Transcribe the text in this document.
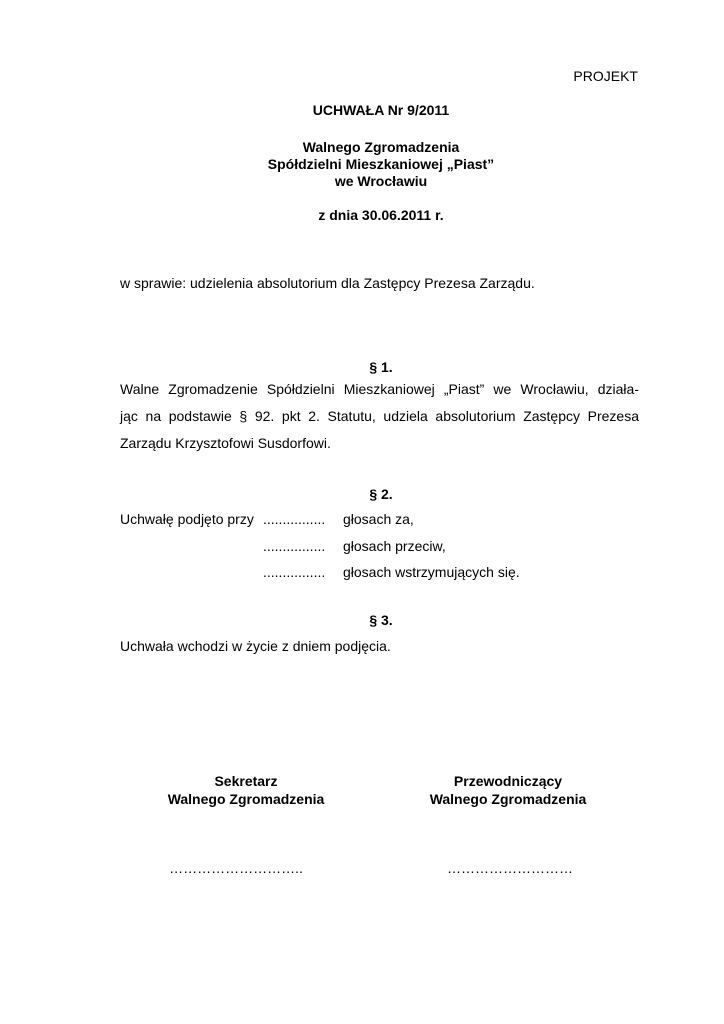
PROJEKT
UCHWAŁA Nr 9/2011
Walnego Zgromadzenia
Spółdzielni Mieszkaniowej „Piast”
we Wrocławiu
z dnia 30.06.2011 r.
w sprawie: udzielenia absolutorium dla Zastępcy Prezesa Zarządu.
§ 1.
Walne Zgromadzenie Spółdzielni Mieszkaniowej „Piast” we Wrocławiu, działa-
jąc na podstawie § 92. pkt 2. Statutu, udziela absolutorium Zastępcy Prezesa
Zarządu Krzysztofowi Susdorfowi.
§ 2.
Uchwałę podjęto przy ................ głosach za,
................ głosach przeciw,
................ głosach wstrzymujących się.
§ 3.
Uchwała wchodzi w życie z dniem podjęcia.
Sekretarz
Walnego Zgromadzenia
………………………..
Przewodniczący
Walnego Zgromadzenia
………………………
